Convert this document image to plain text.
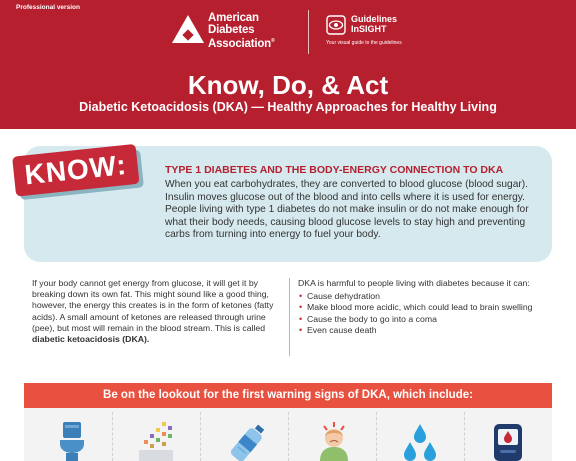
Professional version
American
Diabetes
Association®
Guidelines
InSIGHT
Your visual guide to the guidelines
Know, Do, & Act
Diabetic Ketoacidosis (DKA) — Healthy Approaches for Healthy Living
KNOW:	TYPE 1 DIABETES AND THE BODY-ENERGY CONNECTION TO DKA
When you eat carbohydrates, they are converted to blood glucose (blood sugar). Insulin moves glucose out of the blood and into cells where it is used for energy. People living with type 1 diabetes do not make insulin or do not make enough for what their body needs, causing blood glucose levels to stay high and preventing carbs from turning into energy to fuel your body.
If your body cannot get energy from glucose, it will get it by breaking down its own fat. This might sound like a good thing, however, the energy this creates is in the form of ketones (fatty acids). A small amount of ketones are released through urine (pee), but most will remain in the blood stream. This is called diabetic ketoacidosis (DKA).
DKA is harmful to people living with diabetes because it can:
• Cause dehydration
• Make blood more acidic, which could lead to brain swelling
• Cause the body to go into a coma
• Even cause death
Be on the lookout for the first warning signs of DKA, which include:
